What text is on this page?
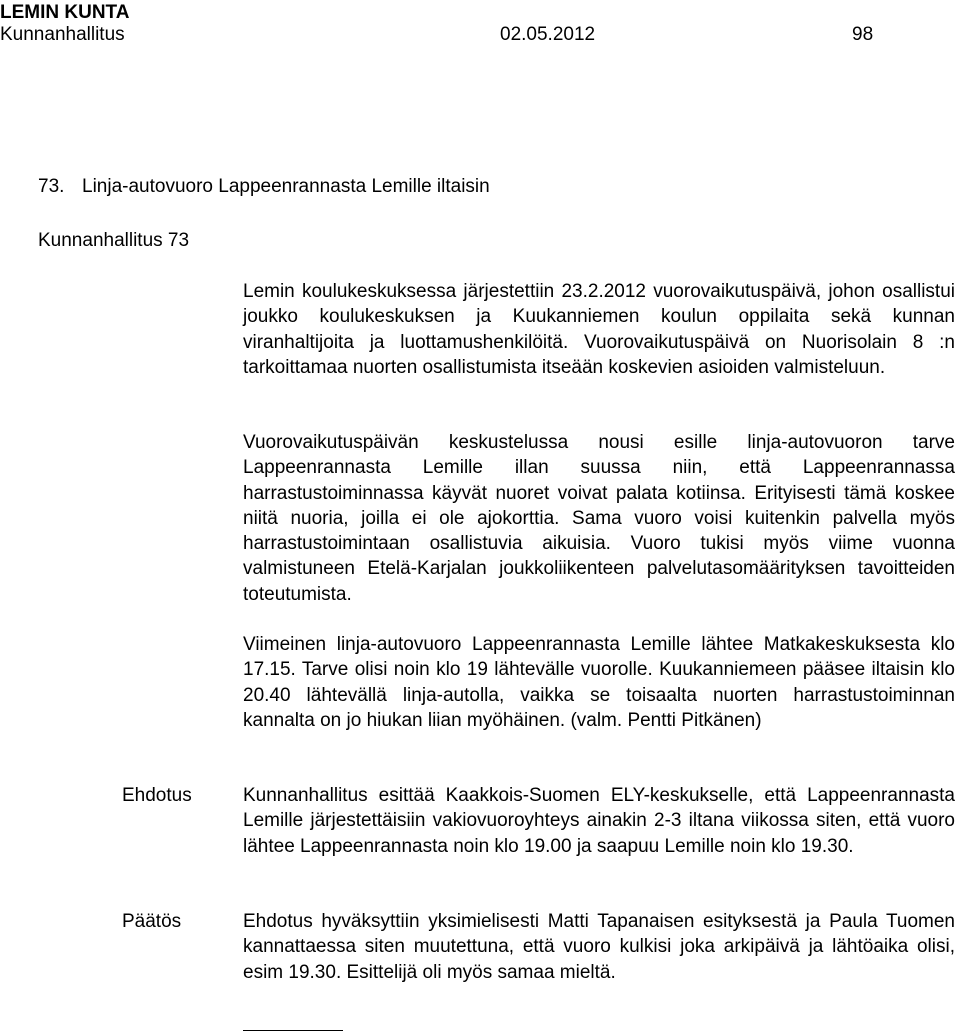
LEMIN KUNTA
Kunnanhallitus	02.05.2012	98
73. Linja-autovuoro Lappeenrannasta Lemille iltaisin
Kunnanhallitus 73

Lemin koulukeskuksessa järjestettiin 23.2.2012 vuorovaikutuspäivä, johon osallistui joukko koulukeskuksen ja Kuukanniemen koulun oppilaita sekä kunnan viranhaltijoita ja luottamushenkilöitä. Vuorovaikutuspäivä on Nuorisolain 8 :n tarkoittamaa nuorten osallistumista itseään koskevien asioiden valmisteluun.

Vuorovaikutuspäivän keskustelussa nousi esille linja-autovuoron tarve Lappeenrannasta Lemille illan suussa niin, että Lappeenrannassa harrastustoiminnassa käyvät nuoret voivat palata kotiinsa. Erityisesti tämä koskee niitä nuoria, joilla ei ole ajokorttia. Sama vuoro voisi kuitenkin palvella myös harrastustoimintaan osallistuvia aikuisia. Vuoro tukisi myös viime vuonna valmistuneen Etelä-Karjalan joukkoliikenteen palvelutasomäärityksen tavoitteiden toteutumista.

Viimeinen linja-autovuoro Lappeenrannasta Lemille lähtee Matkakeskuksesta klo 17.15. Tarve olisi noin klo 19 lähtevälle vuorolle. Kuukanniemeen pääsee iltaisin klo 20.40 lähtevällä linja-autolla, vaikka se toisaalta nuorten harrastustoiminnan kannalta on jo hiukan liian myöhäinen. (valm. Pentti Pitkänen)

Ehdotus	Kunnanhallitus esittää Kaakkois-Suomen ELY-keskukselle, että Lappeenrannasta Lemille järjestettäisiin vakiovuoroyhteys ainakin 2-3 iltana viikossa siten, että vuoro lähtee Lappeenrannasta noin klo 19.00 ja saapuu Lemille noin klo 19.30.

Päätös	Ehdotus hyväksyttiin yksimielisesti Matti Tapanaisen esityksestä ja Paula Tuomen kannattaessa siten muutettuna, että vuoro kulkisi joka arkipäivä ja lähtöaika olisi, esim 19.30. Esittelijä oli myös samaa mieltä.
